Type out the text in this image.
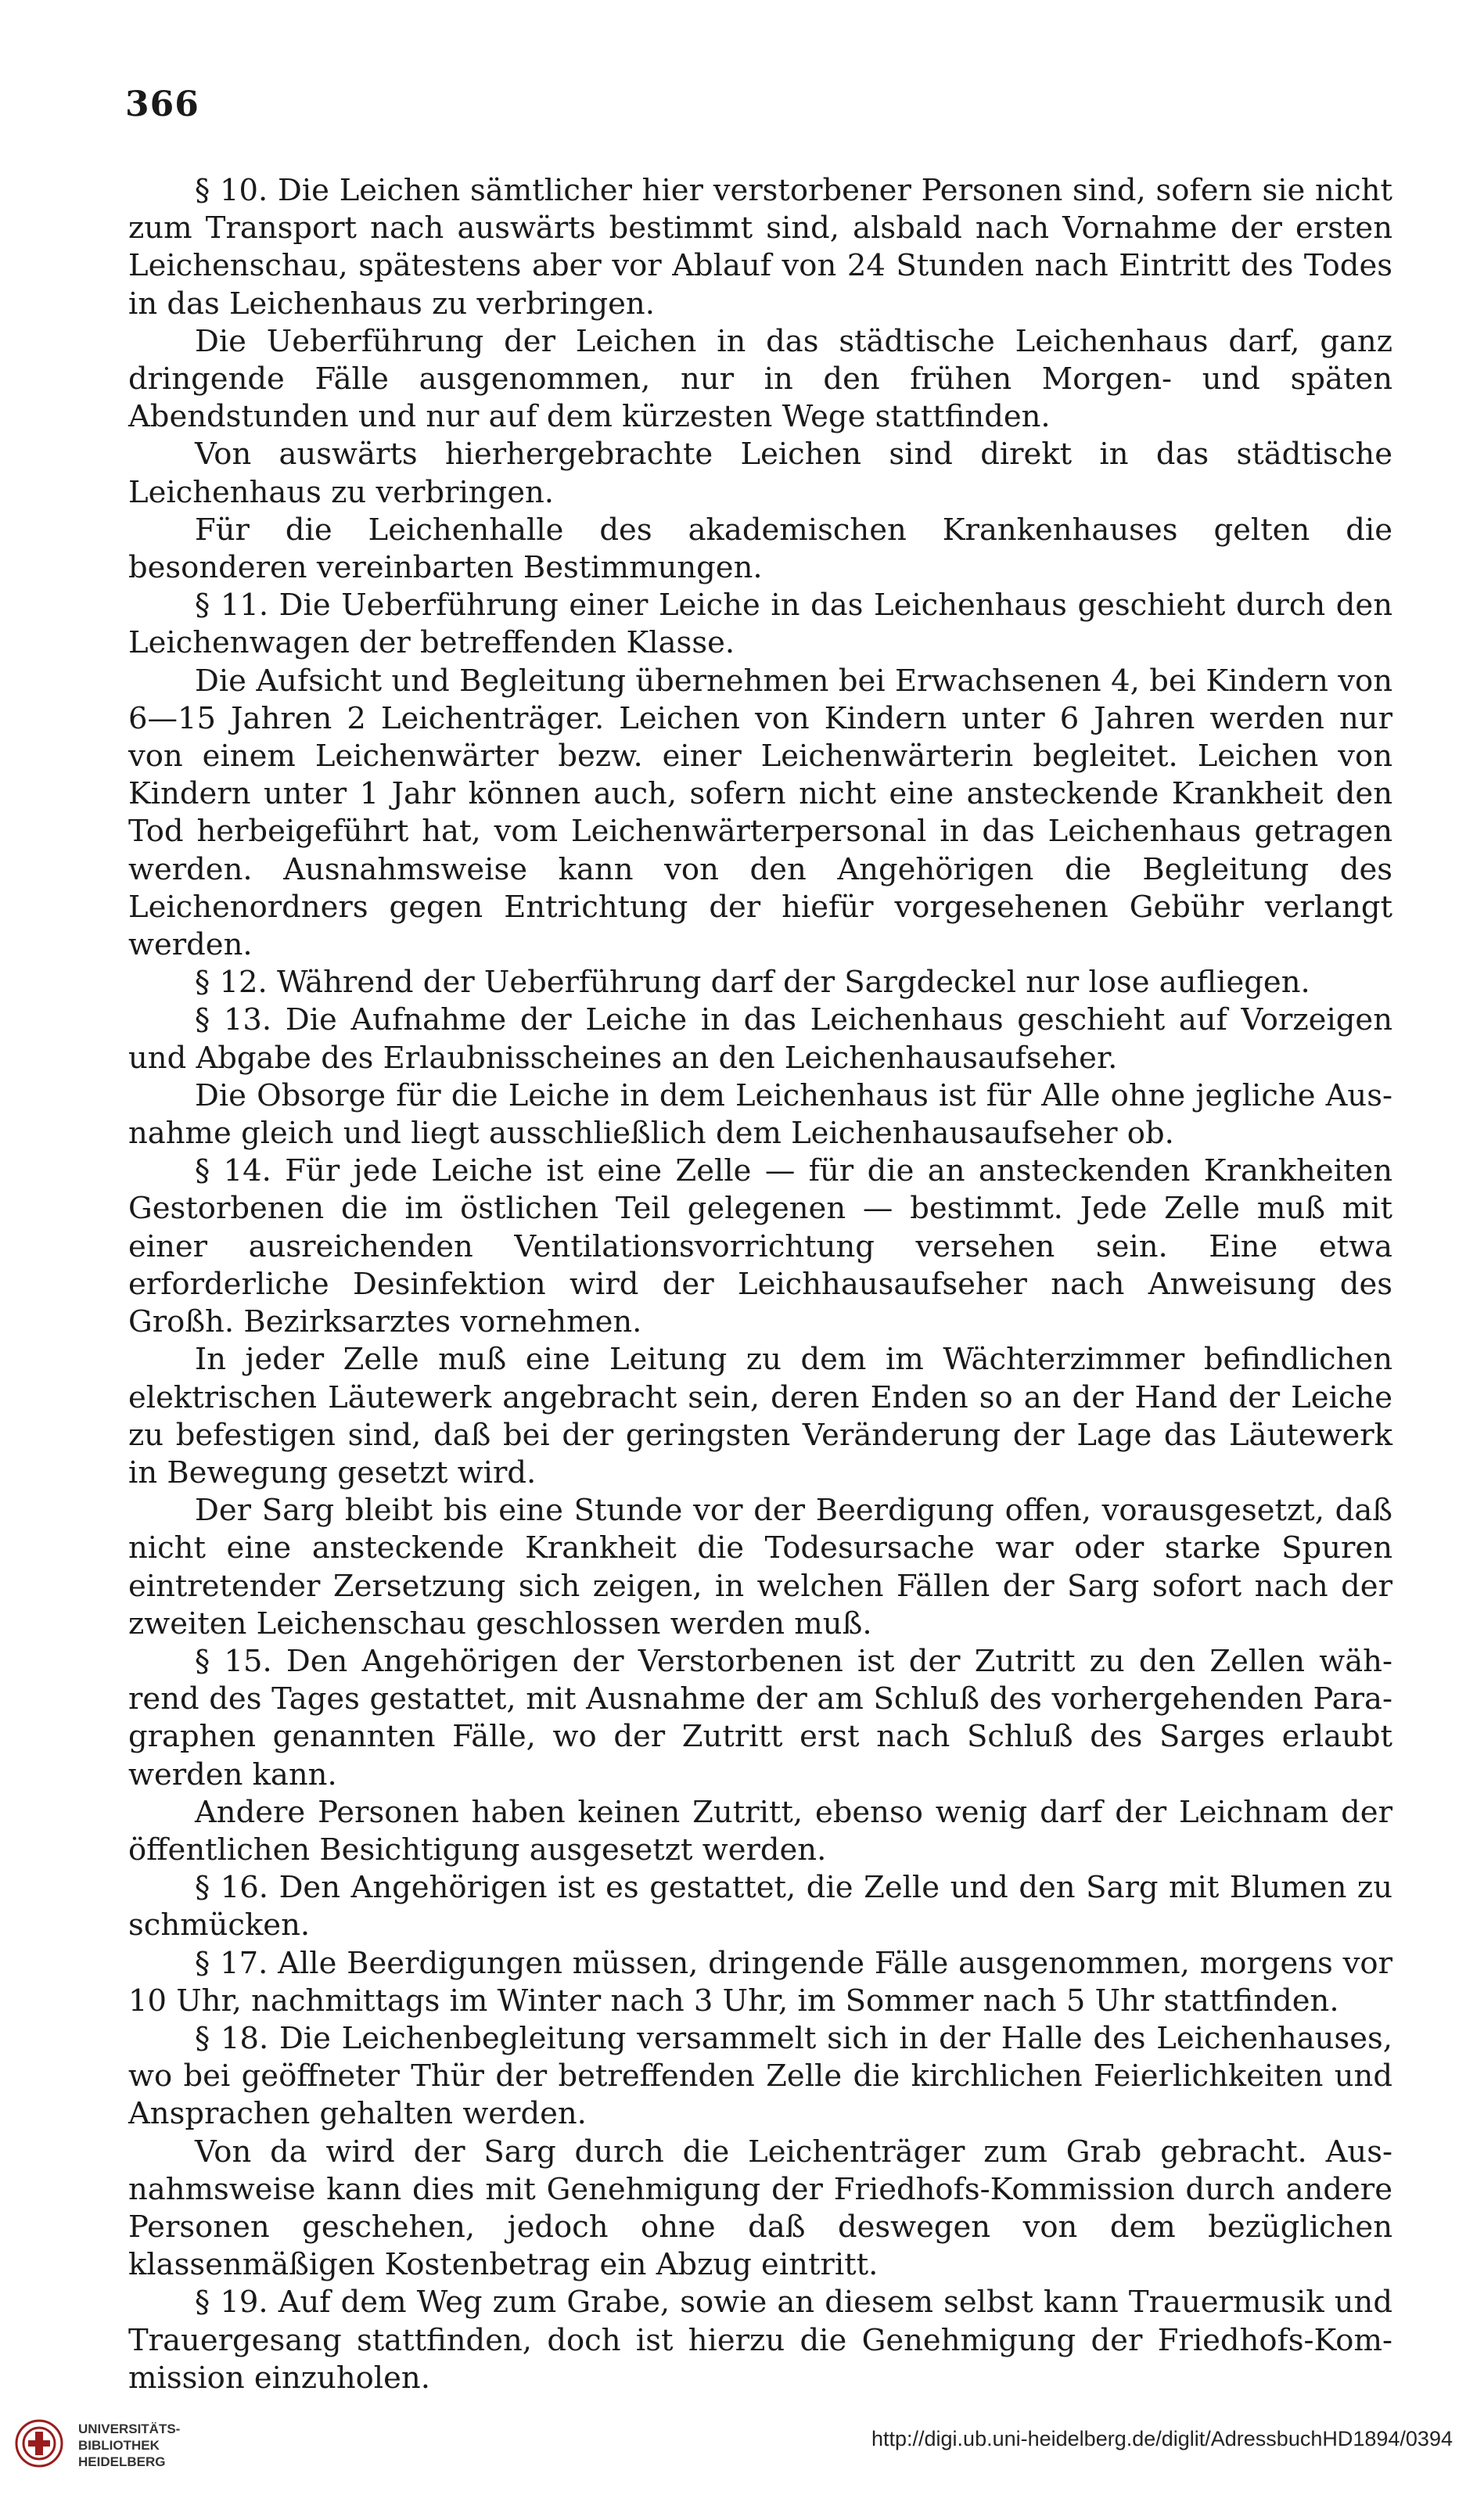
366

§ 10. Die Leichen sämtlicher hier verstorbener Personen sind, sofern sie nicht zum Transport nach auswärts bestimmt sind, alsbald nach Vornahme der ersten Leichenschau, spätestens aber vor Ablauf von 24 Stunden nach Eintritt des Todes in das Leichenhaus zu verbringen.

Die Ueberführung der Leichen in das städtische Leichenhaus darf, ganz dringende Fälle ausgenommen, nur in den frühen Morgen- und späten Abendstunden und nur auf dem kürzesten Wege stattfinden.

Von auswärts hierhergebrachte Leichen sind direkt in das städtische Leichenhaus zu verbringen.

Für die Leichenhalle des akademischen Krankenhauses gelten die besonderen vereinbarten Bestimmungen.

§ 11. Die Ueberführung einer Leiche in das Leichenhaus geschieht durch den Leichenwagen der betreffenden Klasse.

Die Aufsicht und Begleitung übernehmen bei Erwachsenen 4, bei Kindern von 6—15 Jahren 2 Leichenträger. Leichen von Kindern unter 6 Jahren werden nur von einem Leichenwärter bezw. einer Leichenwärterin begleitet. Leichen von Kindern unter 1 Jahr können auch, sofern nicht eine ansteckende Krankheit den Tod herbeigeführt hat, vom Leichenwärterpersonal in das Leichenhaus getragen werden. Ausnahmsweise kann von den Angehörigen die Begleitung des Leichenordners gegen Entrichtung der hiefür vorgesehenen Gebühr verlangt werden.

§ 12. Während der Ueberführung darf der Sargdeckel nur lose aufliegen.

§ 13. Die Aufnahme der Leiche in das Leichenhaus geschieht auf Vorzeigen und Abgabe des Erlaubnisscheines an den Leichenhausaufseher.

Die Obsorge für die Leiche in dem Leichenhaus ist für Alle ohne jegliche Ausnahme gleich und liegt ausschließlich dem Leichenhausaufseher ob.

§ 14. Für jede Leiche ist eine Zelle — für die an ansteckenden Krankheiten Gestorbenen die im östlichen Teil gelegenen — bestimmt. Jede Zelle muß mit einer ausreichenden Ventilationsvorrichtung versehen sein. Eine etwa erforderliche Desinfektion wird der Leichhausaufseher nach Anweisung des Großh. Bezirksarztes vornehmen.

In jeder Zelle muß eine Leitung zu dem im Wächterzimmer befindlichen elektrischen Läutewerk angebracht sein, deren Enden so an der Hand der Leiche zu befestigen sind, daß bei der geringsten Veränderung der Lage das Läutewerk in Bewegung gesetzt wird.

Der Sarg bleibt bis eine Stunde vor der Beerdigung offen, vorausgesetzt, daß nicht eine ansteckende Krankheit die Todesursache war oder starke Spuren eintretender Zersetzung sich zeigen, in welchen Fällen der Sarg sofort nach der zweiten Leichenschau geschlossen werden muß.

§ 15. Den Angehörigen der Verstorbenen ist der Zutritt zu den Zellen während des Tages gestattet, mit Ausnahme der am Schluß des vorhergehenden Paragraphen genannten Fälle, wo der Zutritt erst nach Schluß des Sarges erlaubt werden kann.

Andere Personen haben keinen Zutritt, ebenso wenig darf der Leichnam der öffentlichen Besichtigung ausgesetzt werden.

§ 16. Den Angehörigen ist es gestattet, die Zelle und den Sarg mit Blumen zu schmücken.

§ 17. Alle Beerdigungen müssen, dringende Fälle ausgenommen, morgens vor 10 Uhr, nachmittags im Winter nach 3 Uhr, im Sommer nach 5 Uhr stattfinden.

§ 18. Die Leichenbegleitung versammelt sich in der Halle des Leichenhauses, wo bei geöffneter Thür der betreffenden Zelle die kirchlichen Feierlichkeiten und Ansprachen gehalten werden.

Von da wird der Sarg durch die Leichenträger zum Grab gebracht. Ausnahmsweise kann dies mit Genehmigung der Friedhofs-Kommission durch andere Personen geschehen, jedoch ohne daß deswegen von dem bezüglichen klassenmäßigen Kostenbetrag ein Abzug eintritt.

§ 19. Auf dem Weg zum Grabe, sowie an diesem selbst kann Trauermusik und Trauergesang stattfinden, doch ist hierzu die Genehmigung der Friedhofs-Kommission einzuholen.

UNIVERSITÄTS-
BIBLIOTHEK
HEIDELBERG
http://digi.ub.uni-heidelberg.de/diglit/AdressbuchHD1894/0394
